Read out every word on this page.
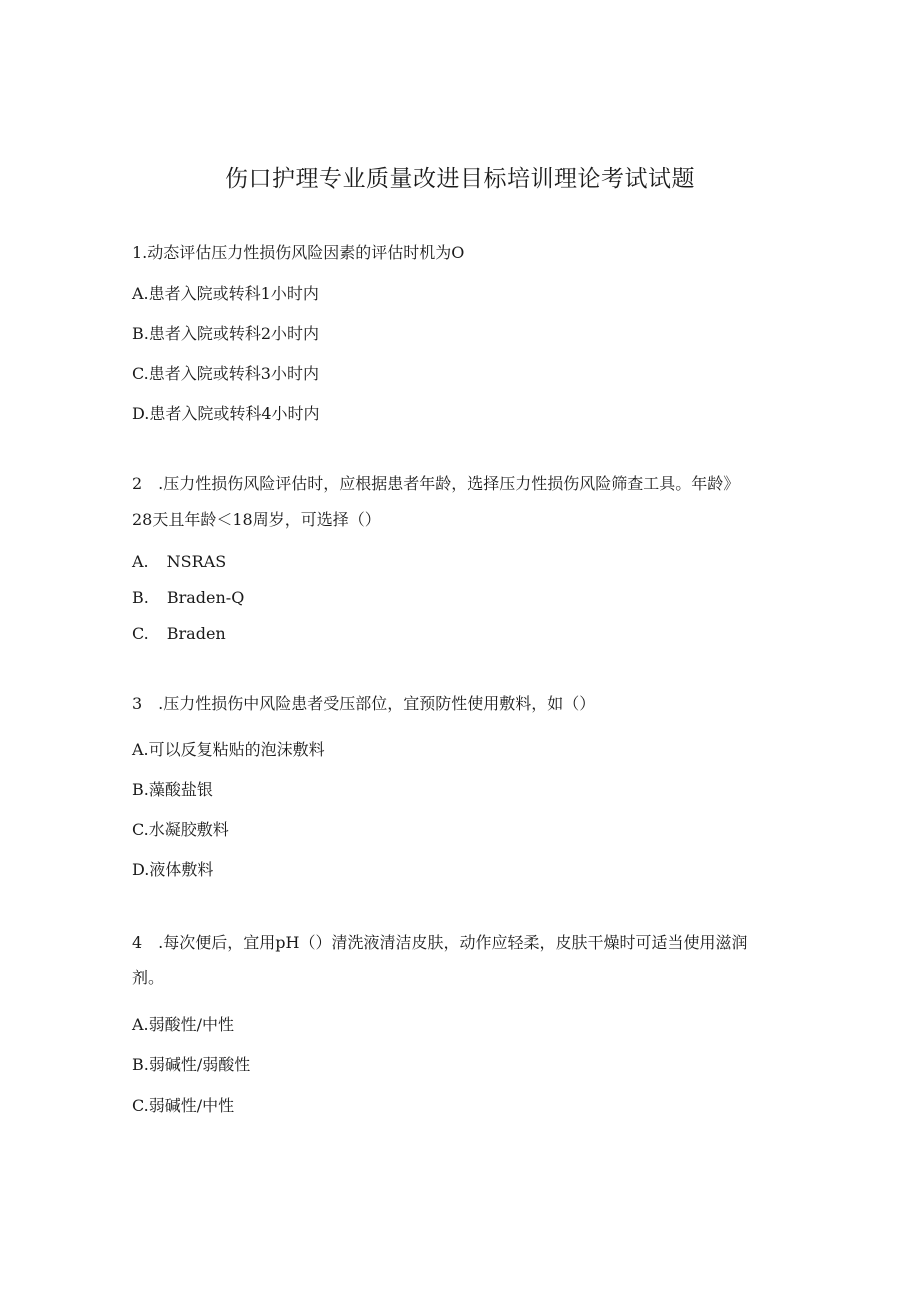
伤口护理专业质量改进目标培训理论考试试题
1.动态评估压力性损伤风险因素的评估时机为O
A.患者入院或转科1小时内
B.患者入院或转科2小时内
C.患者入院或转科3小时内
D.患者入院或转科4小时内
2　.压力性损伤风险评估时，应根据患者年龄，选择压力性损伤风险筛查工具。年龄》
28天且年龄＜18周岁，可选择（）
A. NSRAS
B. Braden-Q
C. Braden
3　.压力性损伤中风险患者受压部位，宜预防性使用敷料，如（）
A.可以反复粘贴的泡沫敷料
B.藻酸盐银
C.水凝胶敷料
D.液体敷料
4　.每次便后，宜用pH（）清洗液清洁皮肤，动作应轻柔，皮肤干燥时可适当使用滋润
剂。
A.弱酸性/中性
B.弱碱性/弱酸性
C.弱碱性/中性
